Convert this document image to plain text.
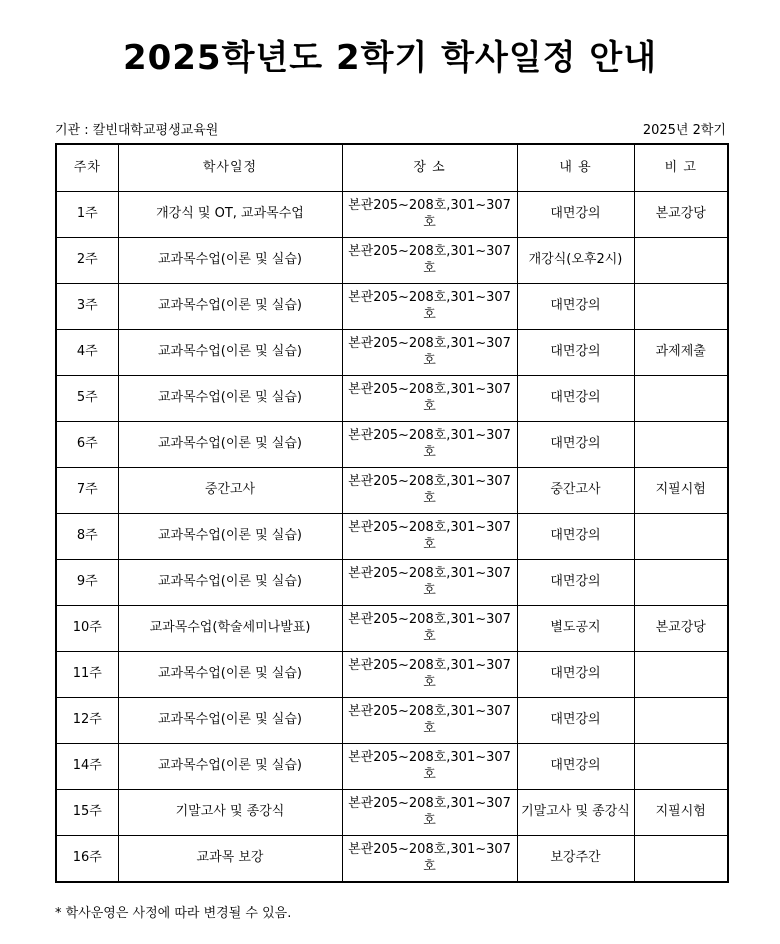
2025학년도 2학기 학사일정 안내
기관 : 칼빈대학교평생교육원	2025년 2학기
주차	학사일정	장 소	내 용	비 고
1주	개강식 및 OT, 교과목수업	본관205~208호,301~307호	대면강의	본교강당
2주	교과목수업(이론 및 실습)	본관205~208호,301~307호	개강식(오후2시)	
3주	교과목수업(이론 및 실습)	본관205~208호,301~307호	대면강의	
4주	교과목수업(이론 및 실습)	본관205~208호,301~307호	대면강의	과제제출
5주	교과목수업(이론 및 실습)	본관205~208호,301~307호	대면강의	
6주	교과목수업(이론 및 실습)	본관205~208호,301~307호	대면강의	
7주	중간고사	본관205~208호,301~307호	중간고사	지필시험
8주	교과목수업(이론 및 실습)	본관205~208호,301~307호	대면강의	
9주	교과목수업(이론 및 실습)	본관205~208호,301~307호	대면강의	
10주	교과목수업(학술세미나발표)	본관205~208호,301~307호	별도공지	본교강당
11주	교과목수업(이론 및 실습)	본관205~208호,301~307호	대면강의	
12주	교과목수업(이론 및 실습)	본관205~208호,301~307호	대면강의	
14주	교과목수업(이론 및 실습)	본관205~208호,301~307호	대면강의	
15주	기말고사 및 종강식	본관205~208호,301~307호	기말고사 및 종강식	지필시험
16주	교과목 보강	본관205~208호,301~307호	보강주간	
* 학사운영은 사정에 따라 변경될 수 있음.
